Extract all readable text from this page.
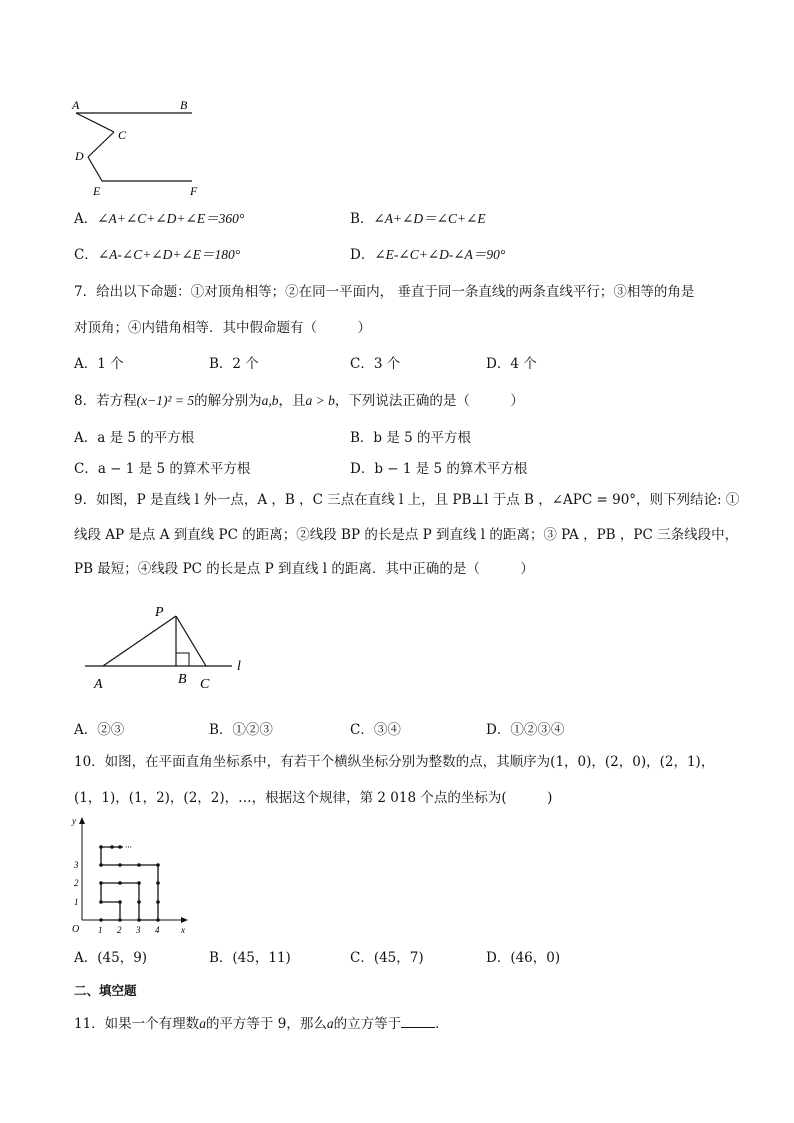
A	B
C
D
E	F
A．∠A+∠C+∠D+∠E＝360°	B．∠A+∠D＝∠C+∠E
C．∠A-∠C+∠D+∠E＝180°	D．∠E-∠C+∠D-∠A＝90°
7．给出以下命题：①对顶角相等；②在同一平面内， 垂直于同一条直线的两条直线平行；③相等的角是
对顶角；④内错角相等．其中假命题有（　　　）
A．1 个	B．2 个	C．3 个	D．4 个
8．若方程(x−1)² = 5的解分别为a,b，且a > b，下列说法正确的是（　　　）
A．a 是 5 的平方根	B．b 是 5 的平方根
C．a − 1 是 5 的算术平方根	D．b − 1 是 5 的算术平方根
9．如图，P 是直线 l 外一点，A ，B ，C 三点在直线 l 上，且 PB⊥l 于点 B ，∠APC = 90°，则下列结论: ①
线段 AP 是点 A 到直线 PC 的距离；②线段 BP 的长是点 P 到直线 l 的距离；③ PA ，PB ，PC 三条线段中，
PB 最短；④线段 PC 的长是点 P 到直线 l 的距离．其中正确的是（　　　）
P
A	B C
l
A．②③	B．①②③	C．③④	D．①②③④
10．如图，在平面直角坐标系中，有若干个横纵坐标分别为整数的点，其顺序为(1，0)，(2，0)，(2，1)，
(1，1)，(1，2)，(2，2)，…，根据这个规律，第 2 018 个点的坐标为(　　　)
···
y
x
O 1 2 3 4
1
2
3
A．(45，9)	B．(45，11)	C．(45，7)	D．(46，0)
二、填空题
11．如果一个有理数a的平方等于 9，那么a的立方等于	．
